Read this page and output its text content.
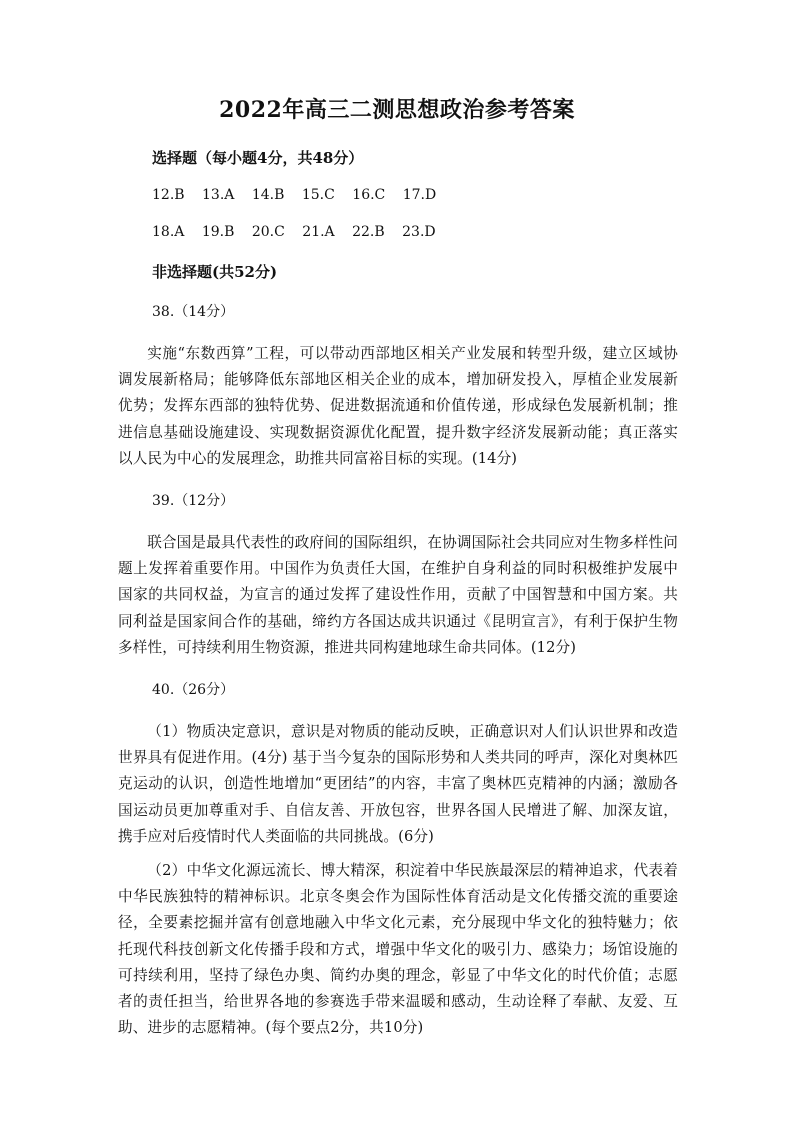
2022年高三二测思想政治参考答案
选择题（每小题4分，共48分）
12.B 13.A 14.B 15.C 16.C 17.D
18.A 19.B 20.C 21.A 22.B 23.D
非选择题(共52分)
38.（14分）

实施“东数西算”工程，可以带动西部地区相关产业发展和转型升级，建立区域协调发展新格局；能够降低东部地区相关企业的成本，增加研发投入，厚植企业发展新优势；发挥东西部的独特优势、促进数据流通和价值传递，形成绿色发展新机制；推进信息基础设施建设、实现数据资源优化配置，提升数字经济发展新动能；真正落实以人民为中心的发展理念，助推共同富裕目标的实现。(14分)

39.（12分）

联合国是最具代表性的政府间的国际组织，在协调国际社会共同应对生物多样性问题上发挥着重要作用。中国作为负责任大国，在维护自身利益的同时积极维护发展中国家的共同权益，为宣言的通过发挥了建设性作用，贡献了中国智慧和中国方案。共同利益是国家间合作的基础，缔约方各国达成共识通过《昆明宣言》，有利于保护生物多样性，可持续利用生物资源，推进共同构建地球生命共同体。(12分)

40.（26分）

（1）物质决定意识，意识是对物质的能动反映，正确意识对人们认识世界和改造世界具有促进作用。(4分) 基于当今复杂的国际形势和人类共同的呼声，深化对奥林匹克运动的认识，创造性地增加“更团结”的内容，丰富了奥林匹克精神的内涵；激励各国运动员更加尊重对手、自信友善、开放包容，世界各国人民增进了解、加深友谊，携手应对后疫情时代人类面临的共同挑战。(6分)

（2）中华文化源远流长、博大精深，积淀着中华民族最深层的精神追求，代表着中华民族独特的精神标识。北京冬奥会作为国际性体育活动是文化传播交流的重要途径，全要素挖掘并富有创意地融入中华文化元素，充分展现中华文化的独特魅力；依托现代科技创新文化传播手段和方式，增强中华文化的吸引力、感染力；场馆设施的可持续利用，坚持了绿色办奥、简约办奥的理念，彰显了中华文化的时代价值；志愿者的责任担当，给世界各地的参赛选手带来温暖和感动，生动诠释了奉献、友爱、互助、进步的志愿精神。(每个要点2分，共10分)
